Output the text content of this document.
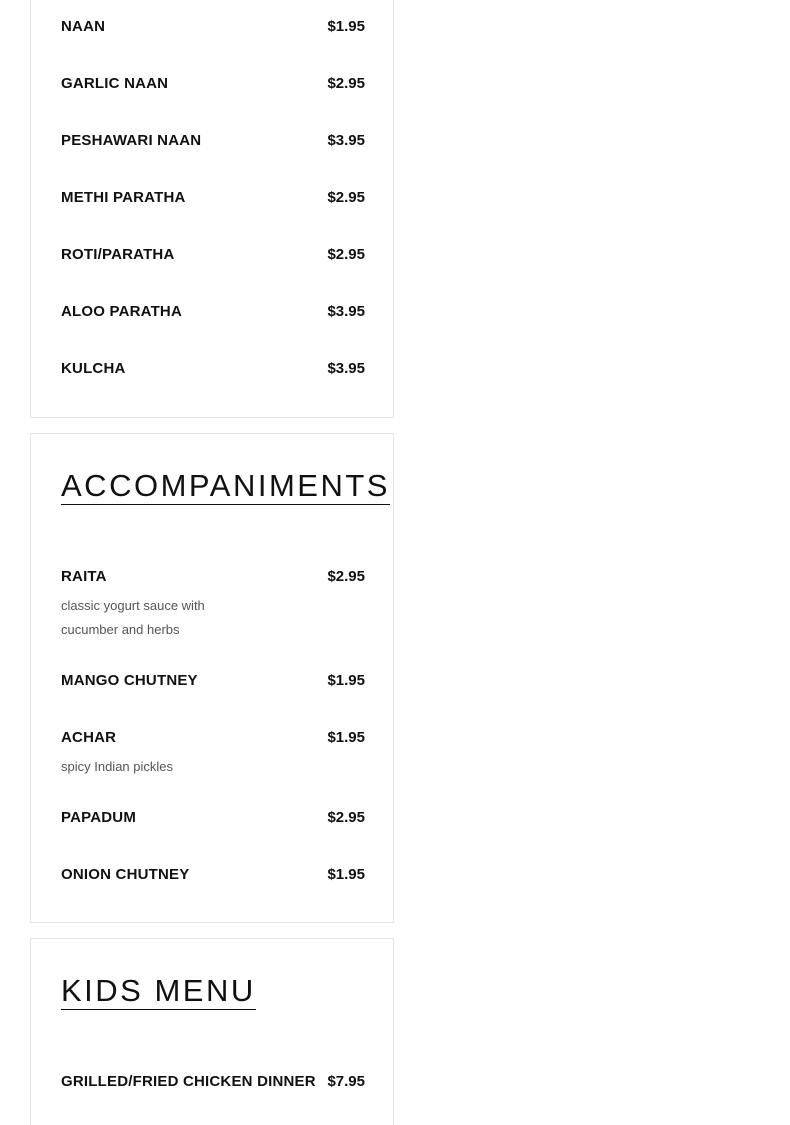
NAAN	$1.95
GARLIC NAAN	$2.95
PESHAWARI NAAN	$3.95
METHI PARATHA	$2.95
ROTI/PARATHA	$2.95
ALOO PARATHA	$3.95
KULCHA	$3.95
ACCOMPANIMENTS
RAITA	$2.95
classic yogurt sauce with cucumber and herbs
MANGO CHUTNEY	$1.95
ACHAR	$1.95
spicy Indian pickles
PAPADUM	$2.95
ONION CHUTNEY	$1.95
KIDS MENU
GRILLED/FRIED CHICKEN DINNER $7.95
